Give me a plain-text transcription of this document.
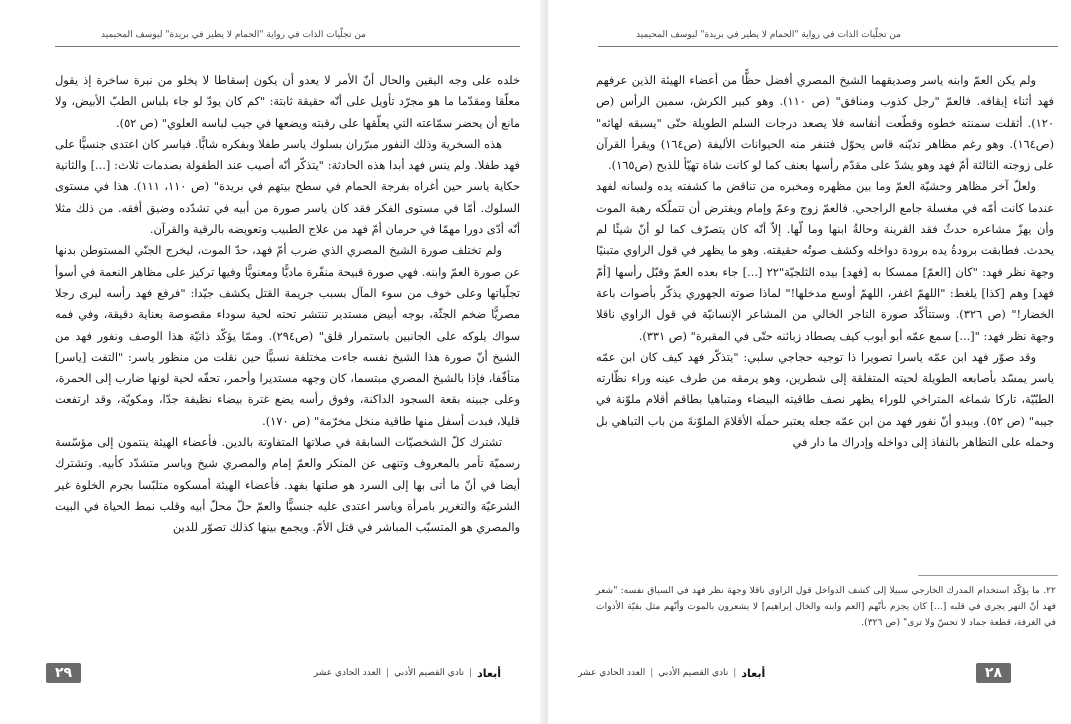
من تجلّيات الذات في رواية "الحمام لا يطير في بريدة" ليوسف المحيميد

خلده على وجه اليقين والحال أنّ الأمر لا يعدو أن يكون إسقاطا لا يخلو من نبرة ساخرة إذ يقول معلّقا ومقدّما ما هو مجرّد تأويل على أنّه حقيقة ثابتة: "كم كان يودّ لو جاء بلباس الطبّ الأبيض، ولا مانع أن يحضر سمّاعته التي يعلّقها على رقبته ويضعها في جيب لباسه العلوي" (ص ٥٢).

هذه السخرية وذلك النفور مبرّران بسلوك ياسر طفلا وبفكره شابًّا. فياسر كان اعتدى جنسيًّا على فهد طفلا. ولم ينس فهد أبدا هذه الحادثة: "يتذكّر أنّه أصيب عند الطفولة بصدمات ثلاث: [...] والثانية حكاية ياسر حين أغراه بفرجة الحمام في سطح بيتهم في بريدة" (ص ١١٠، ١١١). هذا في مستوى السلوك. أمّا في مستوى الفكر فقد كان ياسر صورة من أبيه في تشدّده وضيق أفقه. من ذلك مثلا أنّه أدّى دورا مهمّا في حرمان أمّ فهد من علاج الطبيب وتعويضه بالرقية والقرآن.

ولم تختلف صورة الشيخ المصري الذي ضرب أمّ فهد، حدّ الموت، ليخرج الجنّي المستوطن بدنها عن صورة العمّ وابنه. فهي صورة قبيحة منفّرة ماديًّا ومعنويًّا وفيها تركيز على مظاهر النعمة في أسوأ تجلّياتها وعلى خوف من سوء المآل بسبب جريمة القتل يكشف جيّدا: "فرفع فهد رأسه ليرى رجلا مصريًّا ضخم الجثّة، بوجه أبيض مستدير تنتشر تحته لحية سوداء مقصوصة بعناية دقيقة، وفي فمه سواك يلوكه على الجانبين باستمرار قلق" (ص٢٩٤). وممّا يؤكّد ذاتيّة هذا الوصف ونفور فهد من الشيخ أنّ صورة هذا الشيخ نفسه جاءت مختلفة نسبيًّا حين نقلت من منظور ياسر: "التفت [ياسر] متأفّفا، فإذا بالشيخ المصري مبتسما، كان وجهه مستديرا وأحمر، تحفّه لحية لونها ضارب إلى الحمرة، وعلى جبينه بقعة السجود الداكنة، وفوق رأسه يضع غترة بيضاء نظيفة جدّا، ومكويّة، وقد ارتفعت قليلا، فبدت أسفل منها طاقية منخل مخرّمة" (ص ١٧٠).

تشترك كلّ الشخصيّات السابقة في صلاتها المتفاوتة بالدين. فأعضاء الهيئة ينتمون إلى مؤسّسة رسميّة تأمر بالمعروف وتنهى عن المنكر والعمّ إمام والمصري شيخ وياسر متشدّد كأبيه. وتشترك أيضا في أنّ ما أتى بها إلى السرد هو صلتها بفهد. فأعضاء الهيئة أمسكوه متلبّسا بجرم الخلوة غير الشرعيّة والتغرير بامرأة وياسر اعتدى عليه جنسيًّا والعمّ حلّ محلّ أبيه وقلب نمط الحياة في البيت والمصري هو المتسبّب المباشر في قتل الأمّ. ويجمع بينها كذلك تصوّر للدين

أبعاد
|
نادي القصيم الأدبي
|
العدد الحادي عشر
٢٩
من تجلّيات الذات في رواية "الحمام لا يطير في بريدة" ليوسف المحيميد

ولم يكن العمّ وابنه ياسر وصديقهما الشيخ المصري أفضل حظًّا من أعضاء الهيئة الذين عرفهم فهد أثناء إيقافه. فالعمّ "رجل كذوب ومنافق" (ص ١١٠). وهو كبير الكرش، سمين الرأس (ص ١٢٠). أثقلت سمنته خطوه وقطّعت أنفاسه فلا يصعد درجات السلم الطويلة حتّى "يسبقه لهاثه" (ص١٦٤). وهو رغم مظاهر تديّنه قاس يحوّل فتنفر منه الحيوانات الأليفة (ص١٦٤) ويقرأ القرآن على زوجته الثالثة أمّ فهد وهو يشدّ على مقدّم رأسها بعنف كما لو كانت شاة تهيّأ للذبح (ص١٦٥).

ولعلّ آخر مظاهر وحشيّة العمّ وما بين مظهره ومخبره من تناقض ما كشفته يده ولسانه لفهد عندما كانت أمّه في مغسلة جامع الراجحي. فالعمّ زوج وعمّ وإمام ويفترض أن تتملّكه رهبة الموت وأن يهزّ مشاعره حدثٌ فقد القرينة وحالةُ ابنها وما لّها. إلاّ أنّه كان يتصرّف كما لو أنّ شيئًا لم يحدث. فطابقت برودةُ يده برودة دواخله وكشف صوتُه حقيقته. وهو ما يظهر في قول الراوي متبنيًا وجهة نظر فهد: "كان [العمّ] ممسكا به [فهد] بيده الثلجيّة"٢٢ [...] جاء بعده العمّ وقبّل رأسها [أمّ فهد] وهم [كذا] يلغط: "اللهمّ اغفر، اللهمّ أوسع مدخلها!" لماذا صوته الجهوري يذكّر بأصوات باعة الخضار!" (ص ٣٢٦). وستتأكّد صورة التاجر الخالي من المشاعر الإنسانيّة في قول الراوي ناقلا وجهة نظر فهد: "[...] سمع عمّه أبو أيوب كيف يصطاد زبائنه حتّى في المقبرة" (ص ٣٣١).

وقد صوّر فهد ابن عمّه ياسرا تصويرا ذا توجيه حجاجي سلبي: "يتذكّر فهد كيف كان ابن عمّه ياسر يمسّد بأصابعه الطويلة لحيته المتفلقة إلى شطرين، وهو يرمقه من طرف عينه وراء نظّارته الطبّيّة، تاركا شماغه المتراخي للوراء يظهر نصف طاقيته البيضاء ومتباهيا بطاقم أقلام ملوّنة في جيبه" (ص ٥٢). ويبدو أنّ نفور فهد من ابن عمّه جعله يعتبر حملَه الأقلامَ الملوّنةَ من باب التباهي بل وحمله على التظاهر بالنفاذ إلى دواخله وإدراك ما دار في

٢٢. ما يؤكّد استخدام المدرك الخارجي سبيلا إلى كشف الدواخل قول الراوي ناقلا وجهة نظر فهد في السياق نفسه: "شعر فهد أنّ النهر يجري في قلبه [...] كان يجزم بأنّهم [العم وابنه والخال إبراهيم] لا يشعرون بالموت وأنّهم مثل بقيّة الأدوات في الغرفة، قطعة جماد لا تحسّ ولا ترى" (ص ٣٢٦).
٢٨
أبعاد
|
نادي القصيم الأدبي
|
العدد الحادي عشر
